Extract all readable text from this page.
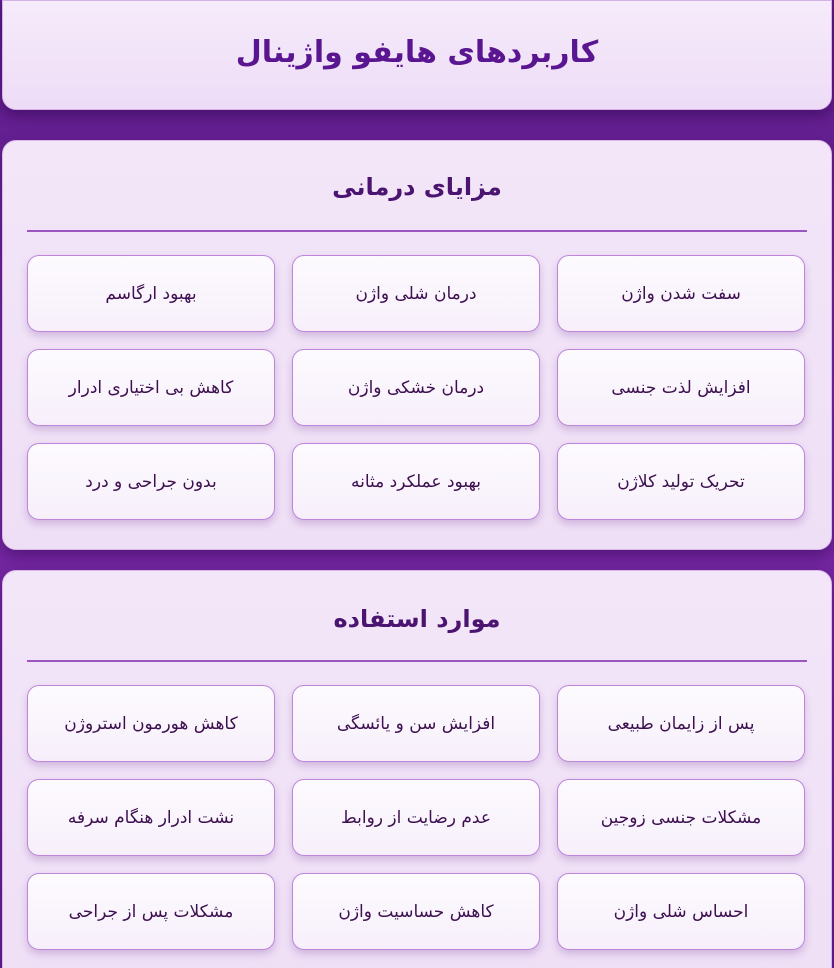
کاربردهای هایفو واژینال
مزایای درمانی
سفت شدن واژن
درمان شلی واژن
بهبود ارگاسم
افزایش لذت جنسی
درمان خشکی واژن
کاهش بی اختیاری ادرار
تحریک تولید کلاژن
بهبود عملکرد مثانه
بدون جراحی و درد
موارد استفاده
پس از زایمان طبیعی
افزایش سن و یائسگی
کاهش هورمون استروژن
مشکلات جنسی زوجین
عدم رضایت از روابط
نشت ادرار هنگام سرفه
احساس شلی واژن
کاهش حساسیت واژن
مشکلات پس از جراحی
